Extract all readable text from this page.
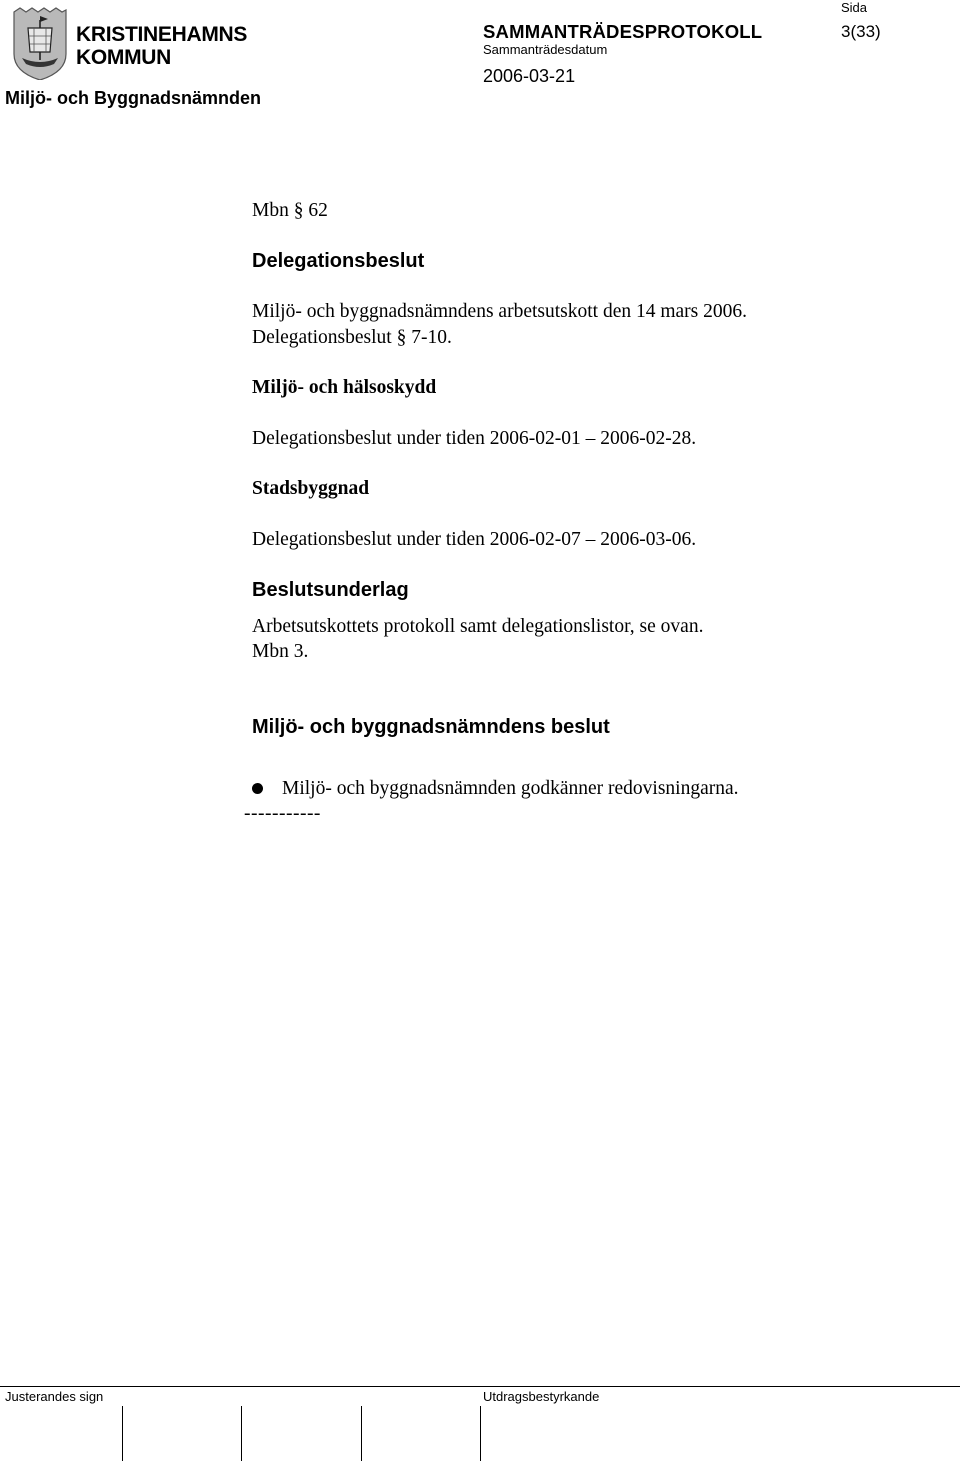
KRISTINEHAMNS
KOMMUN
Miljö- och Byggnadsnämnden
SAMMANTRÄDESPROTOKOLL
Sammanträdesdatum
2006-03-21
Sida
3(33)
Mbn § 62
Delegationsbeslut
Miljö- och byggnadsnämndens arbetsutskott den 14 mars 2006.
Delegationsbeslut § 7-10.
Miljö- och hälsoskydd
Delegationsbeslut under tiden 2006-02-01 – 2006-02-28.
Stadsbyggnad
Delegationsbeslut under tiden 2006-02-07 – 2006-03-06.
Beslutsunderlag
Arbetsutskottets protokoll samt delegationslistor, se ovan.
Mbn 3.
Miljö- och byggnadsnämndens beslut
Miljö- och byggnadsnämnden godkänner redovisningarna.
-----------
Justerandes sign	Utdragsbestyrkande
